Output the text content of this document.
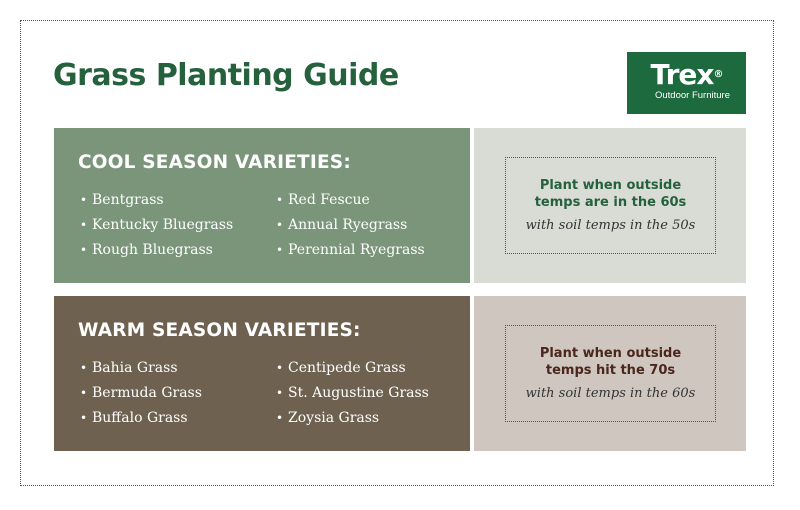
Grass Planting Guide	Trex®
Outdoor Furniture
COOL SEASON VARIETIES:
• Bentgrass
• Kentucky Bluegrass
• Rough Bluegrass
• Red Fescue
• Annual Ryegrass
• Perennial Ryegrass
Plant when outside
temps are in the 60s
with soil temps in the 50s
WARM SEASON VARIETIES:
• Bahia Grass
• Bermuda Grass
• Buffalo Grass
• Centipede Grass
• St. Augustine Grass
• Zoysia Grass
Plant when outside
temps hit the 70s
with soil temps in the 60s
